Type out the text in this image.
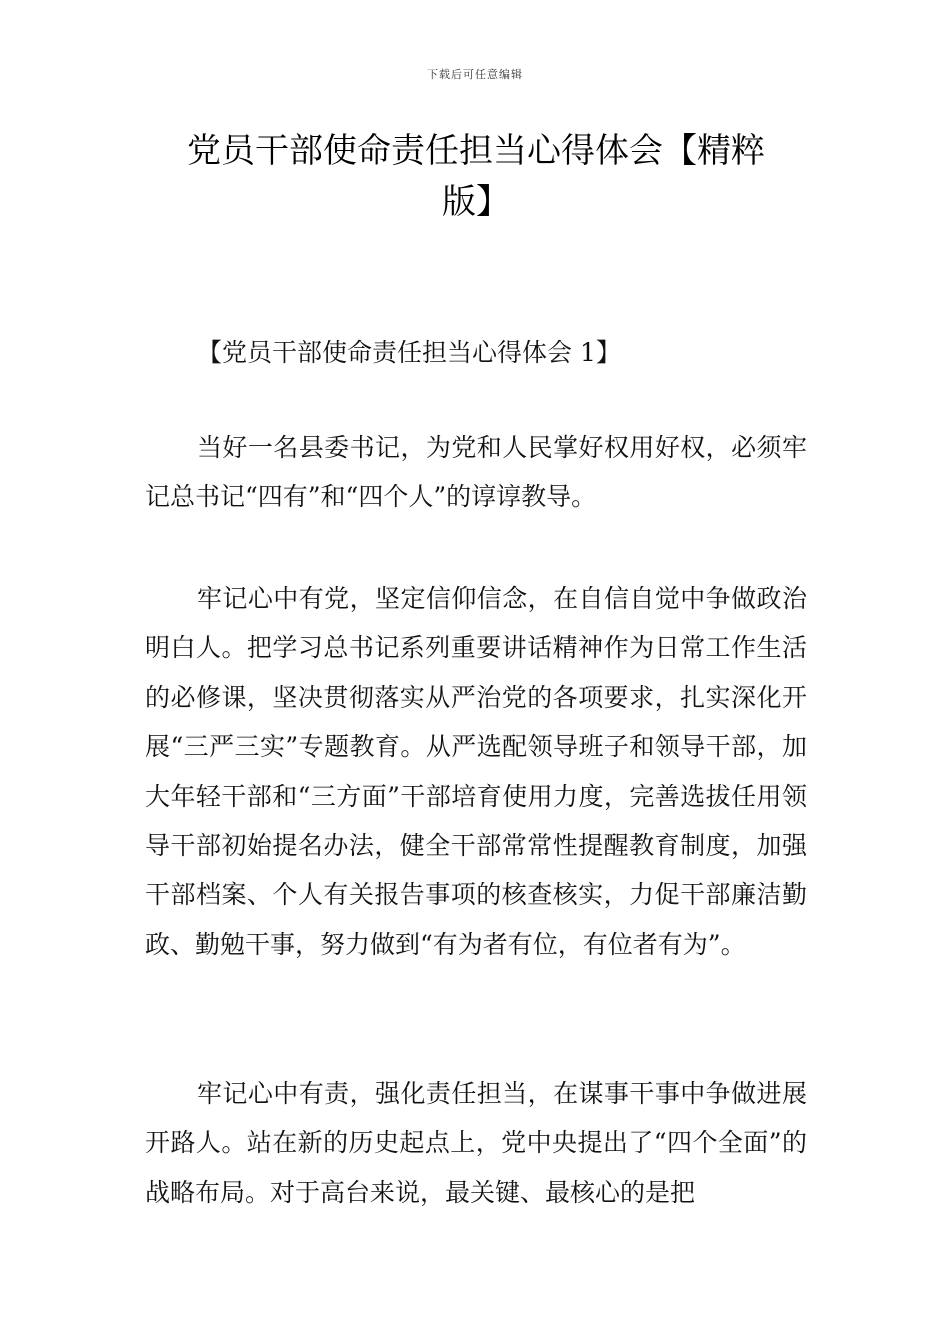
下载后可任意编辑
党员干部使命责任担当心得体会【精粹版】

【党员干部使命责任担当心得体会 1】

当好一名县委书记，为党和人民掌好权用好权，必须牢记总书记“四有”和“四个人”的谆谆教导。

牢记心中有党，坚定信仰信念，在自信自觉中争做政治明白人。把学习总书记系列重要讲话精神作为日常工作生活的必修课，坚决贯彻落实从严治党的各项要求，扎实深化开展“三严三实”专题教育。从严选配领导班子和领导干部，加大年轻干部和“三方面”干部培育使用力度，完善选拔任用领导干部初始提名办法，健全干部常常性提醒教育制度，加强干部档案、个人有关报告事项的核查核实，力促干部廉洁勤政、勤勉干事，努力做到“有为者有位，有位者有为”。

牢记心中有责，强化责任担当，在谋事干事中争做进展开路人。站在新的历史起点上，党中央提出了“四个全面”的战略布局。对于高台来说，最关键、最核心的是把
